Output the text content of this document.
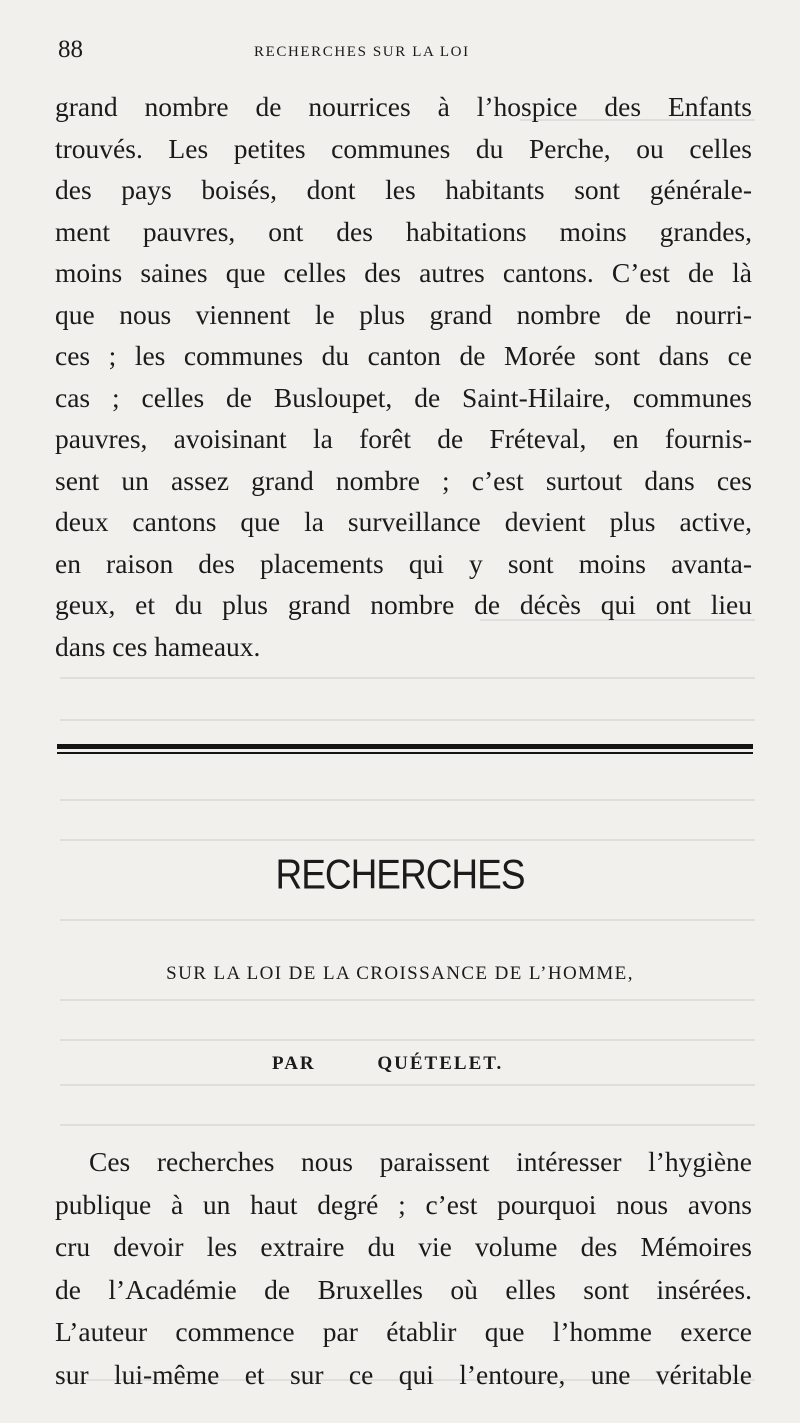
88	RECHERCHES SUR LA LOI
grand nombre de nourrices à l’hospice des Enfants
trouvés. Les petites communes du Perche, ou celles
des pays boisés, dont les habitants sont générale-
ment pauvres, ont des habitations moins grandes,
moins saines que celles des autres cantons. C’est de là
que nous viennent le plus grand nombre de nourri-
ces ; les communes du canton de Morée sont dans ce
cas ; celles de Busloupet, de Saint-Hilaire, communes
pauvres, avoisinant la forêt de Fréteval, en fournis-
sent un assez grand nombre ; c’est surtout dans ces
deux cantons que la surveillance devient plus active,
en raison des placements qui y sont moins avanta-
geux, et du plus grand nombre de décès qui ont lieu
dans ces hameaux.
RECHERCHES
SUR LA LOI DE LA CROISSANCE DE L’HOMME,
PAR QUÉTELET.
Ces recherches nous paraissent intéresser l’hygiène
publique à un haut degré ; c’est pourquoi nous avons
cru devoir les extraire du vie volume des Mémoires
de l’Académie de Bruxelles où elles sont insérées.
L’auteur commence par établir que l’homme exerce
sur lui-même et sur ce qui l’entoure, une véritable
